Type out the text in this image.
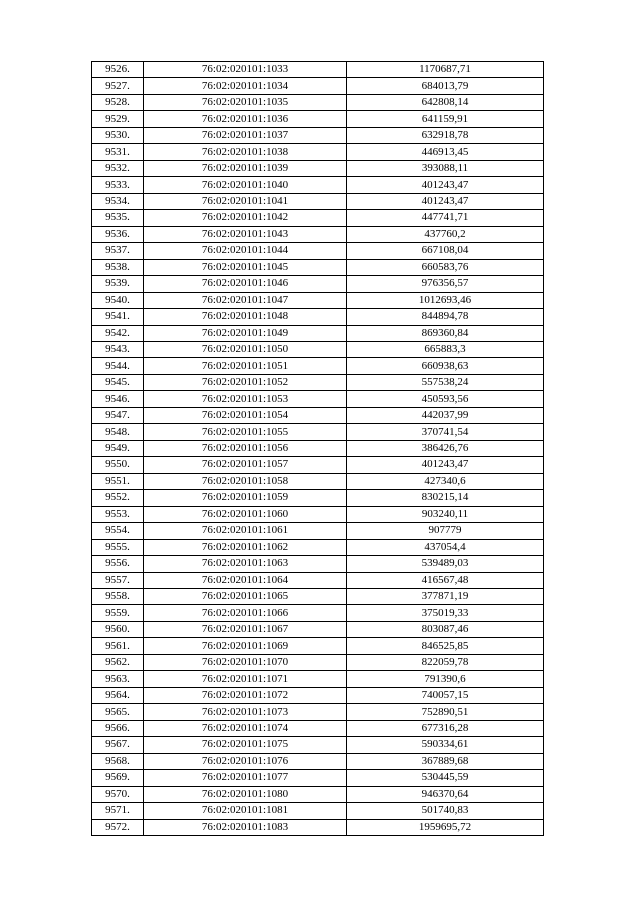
9526.	76:02:020101:1033	1170687,71
9527.	76:02:020101:1034	684013,79
9528.	76:02:020101:1035	642808,14
9529.	76:02:020101:1036	641159,91
9530.	76:02:020101:1037	632918,78
9531.	76:02:020101:1038	446913,45
9532.	76:02:020101:1039	393088,11
9533.	76:02:020101:1040	401243,47
9534.	76:02:020101:1041	401243,47
9535.	76:02:020101:1042	447741,71
9536.	76:02:020101:1043	437760,2
9537.	76:02:020101:1044	667108,04
9538.	76:02:020101:1045	660583,76
9539.	76:02:020101:1046	976356,57
9540.	76:02:020101:1047	1012693,46
9541.	76:02:020101:1048	844894,78
9542.	76:02:020101:1049	869360,84
9543.	76:02:020101:1050	665883,3
9544.	76:02:020101:1051	660938,63
9545.	76:02:020101:1052	557538,24
9546.	76:02:020101:1053	450593,56
9547.	76:02:020101:1054	442037,99
9548.	76:02:020101:1055	370741,54
9549.	76:02:020101:1056	386426,76
9550.	76:02:020101:1057	401243,47
9551.	76:02:020101:1058	427340,6
9552.	76:02:020101:1059	830215,14
9553.	76:02:020101:1060	903240,11
9554.	76:02:020101:1061	907779
9555.	76:02:020101:1062	437054,4
9556.	76:02:020101:1063	539489,03
9557.	76:02:020101:1064	416567,48
9558.	76:02:020101:1065	377871,19
9559.	76:02:020101:1066	375019,33
9560.	76:02:020101:1067	803087,46
9561.	76:02:020101:1069	846525,85
9562.	76:02:020101:1070	822059,78
9563.	76:02:020101:1071	791390,6
9564.	76:02:020101:1072	740057,15
9565.	76:02:020101:1073	752890,51
9566.	76:02:020101:1074	677316,28
9567.	76:02:020101:1075	590334,61
9568.	76:02:020101:1076	367889,68
9569.	76:02:020101:1077	530445,59
9570.	76:02:020101:1080	946370,64
9571.	76:02:020101:1081	501740,83
9572.	76:02:020101:1083	1959695,72
